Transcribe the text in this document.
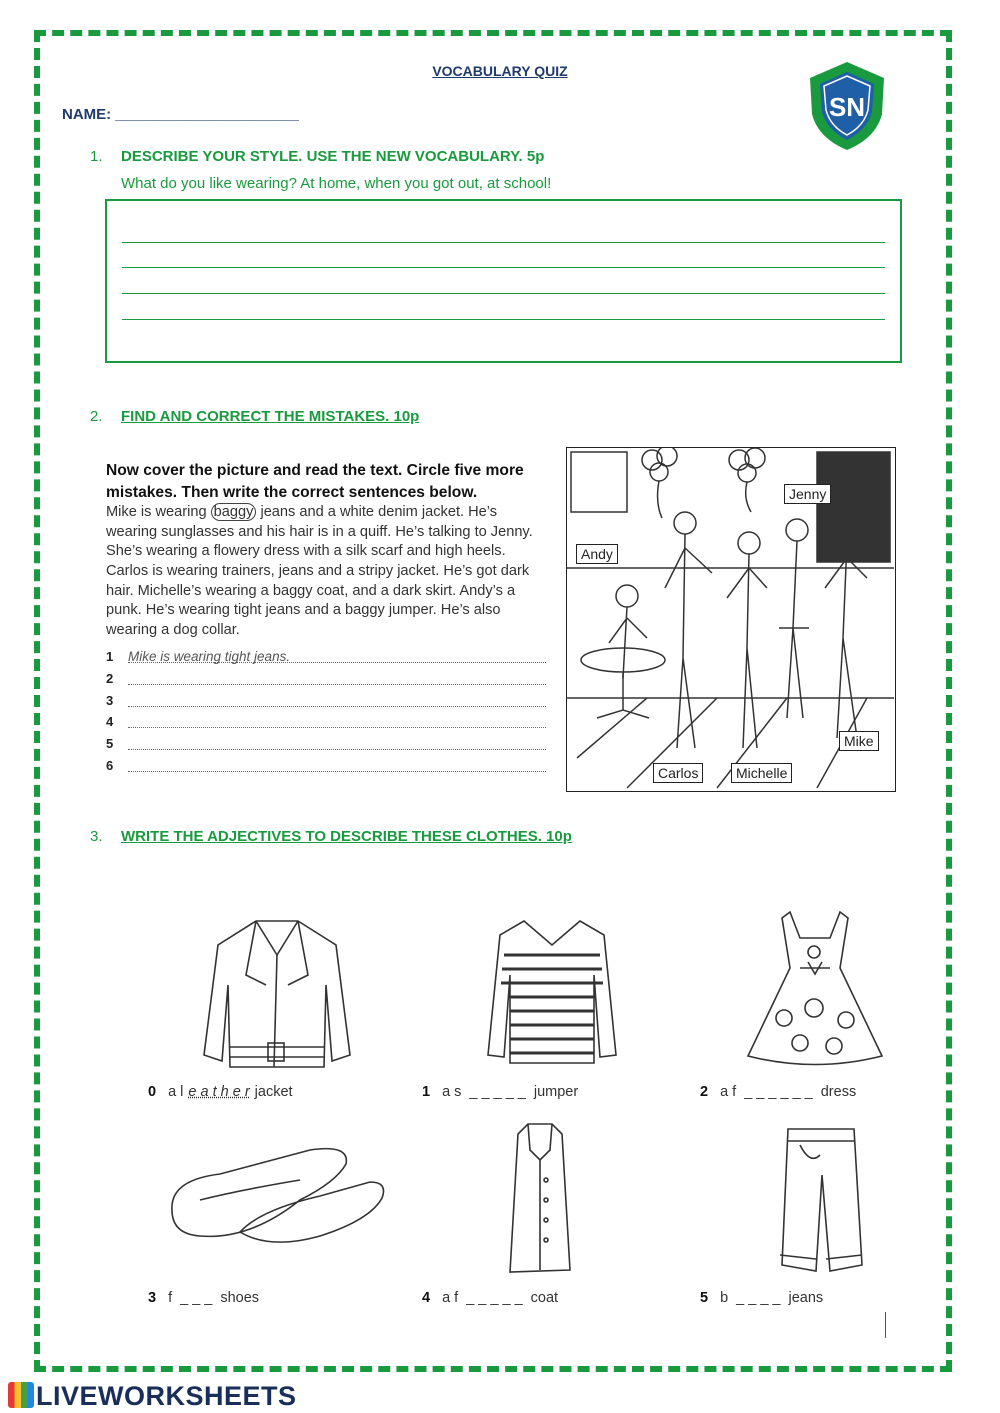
VOCABULARY QUIZ
NAME: ______________________	SN
1. DESCRIBE YOUR STYLE. USE THE NEW VOCABULARY. 5p
What do you like wearing? At home, when you got out, at school!
2. FIND AND CORRECT THE MISTAKES. 10p
Now cover the picture and read the text. Circle five more mistakes. Then write the correct sentences below.
Mike is wearing baggy jeans and a white denim jacket. He’s wearing sunglasses and his hair is in a quiff. He’s talking to Jenny. She’s wearing a flowery dress with a silk scarf and high heels. Carlos is wearing trainers, jeans and a stripy jacket. He’s got dark hair. Michelle’s wearing a baggy coat, and a dark skirt. Andy’s a punk. He’s wearing tight jeans and a baggy jumper. He’s also wearing a dog collar.
1 Mike is wearing tight jeans.
2
3
4
5
6
Andy
Jenny
Mike
Carlos	Michelle
3. WRITE THE ADJECTIVES TO DESCRIBE THESE CLOTHES. 10p
0 a l e a t h e r jacket	1 a s _ _ _ _ _ jumper	2 a f _ _ _ _ _ _ dress
3 f _ _ _ shoes	4 a f _ _ _ _ _ coat	5 b _ _ _ _ jeans
LIVEWORKSHEETS
